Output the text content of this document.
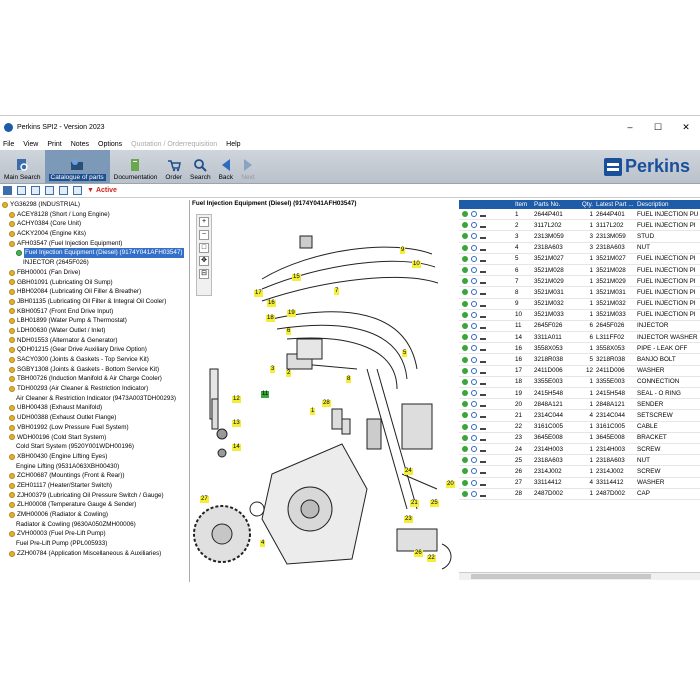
Perkins SPI2 - Version 2023	–	☐	✕
File View Print Notes Options Quotation / Orderrequisition Help
Main Search	Catalogue of parts	Documentation Order Search Back Next
Perkins
▼ Active
YG36298 (INDUSTRIAL)
ACEY8128 (Short / Long Engine)
ACHY0384 (Core Unit)
ACKY2004 (Engine Kits)
AFH03547 (Fuel Injection Equipment)
Fuel Injection Equipment (Diesel) (9174Y041AFH03547)
INJECTOR (2645F026)
FBH00001 (Fan Drive)
GBH01091 (Lubricating Oil Sump)
HBH02084 (Lubricating Oil Filler & Breather)
JBH01135 (Lubricating Oil Filter & Integral Oil Cooler)
KBH00517 (Front End Drive Input)
LBH01899 (Water Pump & Thermostat)
LDH00630 (Water Outlet / Inlet)
NDH01553 (Alternator & Generator)
QDH01215 (Gear Drive Auxiliary Drive Option)
SACY0300 (Joints & Gaskets - Top Service Kit)
SGBY1308 (Joints & Gaskets - Bottom Service Kit)
TBH00726 (Induction Manifold & Air Charge Cooler)
TDH00293 (Air Cleaner & Restriction Indicator)
Air Cleaner & Restriction Indicator (9473A003TDH00293)
UBH00438 (Exhaust Manifold)
UDH00388 (Exhaust Outlet Flange)
VBH01992 (Low Pressure Fuel System)
WDH00196 (Cold Start System)
Cold Start System (9520Y001WDH00196)
XBH00430 (Engine Lifting Eyes)
Engine Lifting (9531A063XBH00430)
ZCH00687 (Mountings (Front & Rear))
ZEH01117 (Heater/Starter Switch)
ZJH00379 (Lubricating Oil Pressure Switch / Gauge)
ZLH00008 (Temperature Gauge & Sender)
ZMH00006 (Radiator & Cowling)
Radiator & Cowling (9630A050ZMH00006)
ZVH00003 (Fuel Pre-Lift Pump)
Fuel Pre-Lift Pump (PPL005933)
ZZH00784 (Application Miscellaneous & Auxiliaries)
Fuel Injection Equipment (Diesel) (9174Y041AFH03547)
+
−
□
✥
⊟
1
12
13
14
2
3
4
5
6
7
8
9
10
11
15
16
17
18
19
20
21
22
23
24
25
26
27
28
Item	Parts No.	Qty. Latest Part ... Description
1	2644P401	1 2644P401	FUEL INJECTION PU
2	3117L202	1 3117L202	FUEL INJECTION PI
3	2313M059	3 2313M059	STUD
4	2318A603	3 2318A603	NUT
5	3521M027	1 3521M027	FUEL INJECTION PI
6	3521M028	1 3521M028	FUEL INJECTION PI
7	3521M029	1 3521M029	FUEL INJECTION PI
8	3521M031	1 3521M031	FUEL INJECTION PI
9	3521M032	1 3521M032	FUEL INJECTION PI
10	3521M033	1 3521M033	FUEL INJECTION PI
11	2645F026	6 2645F026	INJECTOR
14	3311A011	6 L311FF02	INJECTOR WASHER
16	3558X053	1 3558X053	PIPE - LEAK OFF
16	3218R038	5 3218R038	BANJO BOLT
17	2411D006	12 2411D006	WASHER
18	3355E003	1 3355E003	CONNECTION
19	2415H548	1 2415H548	SEAL - O RING
20	2848A121	1 2848A121	SENDER
21	2314C044	4 2314C044	SETSCREW
22	3161C005	1 3161C005	CABLE
23	3645E008	1 3645E008	BRACKET
24	2314H003	1 2314H003	SCREW
25	2318A603	1 2318A603	NUT
26	2314J002	1 2314J002	SCREW
27	33114412	4 33114412	WASHER
28	2487D002	1 2487D002	CAP
